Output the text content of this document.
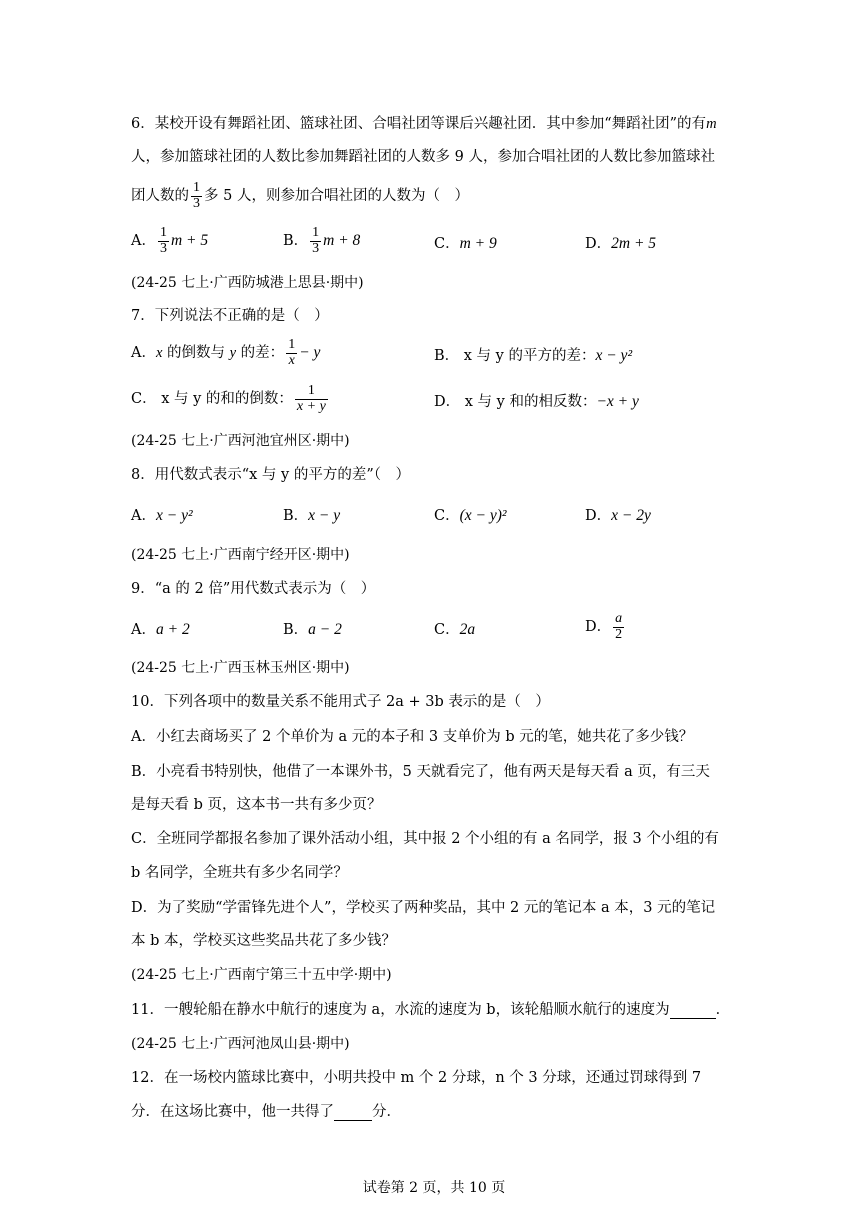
6．某校开设有舞蹈社团、篮球社团、合唱社团等课后兴趣社团．其中参加“舞蹈社团”的有m
人，参加篮球社团的人数比参加舞蹈社团的人数多 9 人，参加合唱社团的人数比参加篮球社
团人数的 $\frac{1}{3}$ 多 5 人，则参加合唱社团的人数为（　）
A． $\frac{1}{3}$ m + 5	B． $\frac{1}{3}$ m + 8	C．m + 9	D．2m + 5
(24-25 七上·广西防城港上思县·期中)
7．下列说法不正确的是（　）
A．x 的倒数与 y 的差： $\frac{1}{x} - y$	B． x 与 y 的平方的差：x − y²
C． x 与 y 的和的倒数： $\frac{1}{x + y}$	D． x 与 y 和的相反数：−x + y
(24-25 七上·广西河池宜州区·期中)
8．用代数式表示“x 与 y 的平方的差”（　）
A．x − y²	B．x − y	C．(x − y)²	D．x − 2y
(24-25 七上·广西南宁经开区·期中)
9．“a 的 2 倍”用代数式表示为（　）
A．a + 2	B．a − 2	C．2a	D． $\frac{a}{2}$
(24-25 七上·广西玉林玉州区·期中)
10．下列各项中的数量关系不能用式子 2a + 3b 表示的是（　）
A．小红去商场买了 2 个单价为 a 元的本子和 3 支单价为 b 元的笔，她共花了多少钱？
B．小亮看书特别快，他借了一本课外书，5 天就看完了，他有两天是每天看 a 页，有三天
是每天看 b 页，这本书一共有多少页？
C．全班同学都报名参加了课外活动小组，其中报 2 个小组的有 a 名同学，报 3 个小组的有
b 名同学，全班共有多少名同学？
D．为了奖励“学雷锋先进个人”，学校买了两种奖品，其中 2 元的笔记本 a 本，3 元的笔记
本 b 本，学校买这些奖品共花了多少钱？
(24-25 七上·广西南宁第三十五中学·期中)
11．一艘轮船在静水中航行的速度为 a，水流的速度为 b，该轮船顺水航行的速度为	．
(24-25 七上·广西河池凤山县·期中)
12．在一场校内篮球比赛中，小明共投中 m 个 2 分球，n 个 3 分球，还通过罚球得到 7
分．在这场比赛中，他一共得了	分．
试卷第 2 页，共 10 页
